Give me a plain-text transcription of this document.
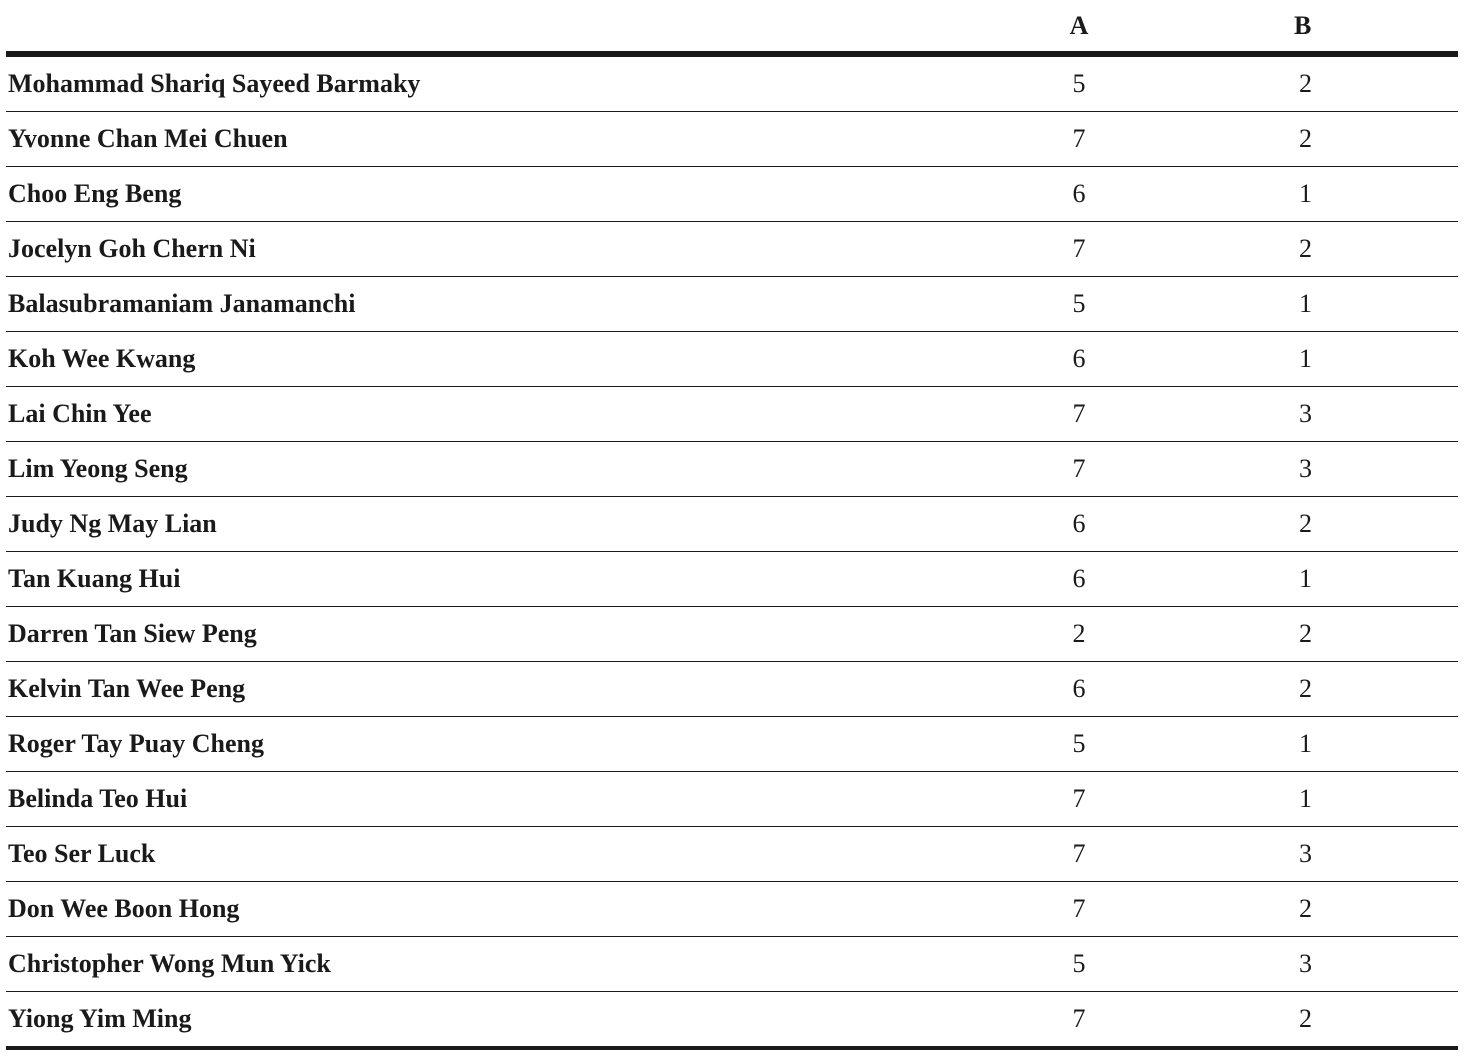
	A	B
Mohammad Shariq Sayeed Barmaky	5	2
Yvonne Chan Mei Chuen	7	2
Choo Eng Beng	6	1
Jocelyn Goh Chern Ni	7	2
Balasubramaniam Janamanchi	5	1
Koh Wee Kwang	6	1
Lai Chin Yee	7	3
Lim Yeong Seng	7	3
Judy Ng May Lian	6	2
Tan Kuang Hui	6	1
Darren Tan Siew Peng	2	2
Kelvin Tan Wee Peng	6	2
Roger Tay Puay Cheng	5	1
Belinda Teo Hui	7	1
Teo Ser Luck	7	3
Don Wee Boon Hong	7	2
Christopher Wong Mun Yick	5	3
Yiong Yim Ming	7	2
